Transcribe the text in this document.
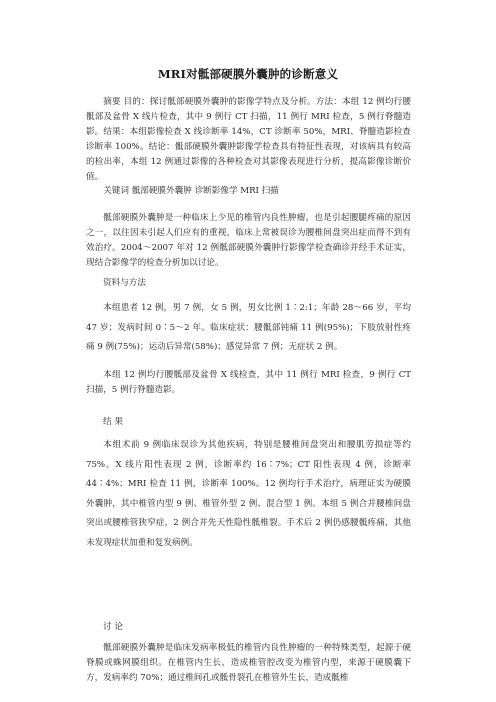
MRI对骶部硬膜外囊肿的诊断意义
摘要 目的：探讨骶部硬膜外囊肿的影像学特点及分析。方法：本组 12 例均行腰骶部及盆骨 X 线片检查，其中 9 例行 CT 扫描，11 例行 MRI 检查，5 例行脊髓造影。结果：本组影像检查 X 线诊断率 14%，CT 诊断率 50%，MRI、脊髓造影检查诊断率 100%。结论：骶部硬膜外囊肿影像学检查具有特征性表现，对该病具有较高的检出率，本组 12 例通过影像的各种检查对其影像表现进行分析，提高影像诊断价值。
关键词 骶部硬膜外囊肿 诊断影像学 MRI 扫描
骶部硬膜外囊肿是一种临床上少见的椎管内良性肿瘤，也是引起腰腿疼痛的原因之一，以往因未引起人们应有的重视，临床上常被误诊为腰椎间盘突出症而得不到有效治疗。2004～2007 年对 12 例骶部硬膜外囊肿行影像学检查确诊并经手术证实，现结合影像学的检查分析加以讨论。
资料与方法
本组患者 12 例，男 7 例，女 5 例，男女比例 1∶2:1；年龄 28～66 岁，平均 47 岁；发病时间 0∶5～2 年。临床症状：腰骶部钝痛 11 例(95%)；下肢放射性疼痛 9 例(75%)；运动后异常(58%)；感觉异常 7 例；无症状 2 例。
本组 12 例均行腰骶部及盆骨 X 线检查，其中 11 例行 MRI 检查，9 例行 CT 扫描，5 例行脊髓造影。
结 果
本组术前 9 例临床误诊为其他疾病，特别是腰椎间盘突出和腰肌劳损症等约 75%。X 线片阳性表现 2 例，诊断率约 16∶7%；CT 阳性表现 4 例，诊断率 44∶4%；MRI 检查 11 例，诊断率 100%。12 例均行手术治疗，病理证实为硬膜外囊肿，其中椎管内型 9 例、椎管外型 2 例、混合型 1 例。本组 5 例合并腰椎间盘突出或腰椎管狭窄症，2 例合并先天性隐性骶椎裂。手术后 2 例仍感腰骶疼痛，其他未发现症状加重和复发病例。
讨 论
骶部硬膜外囊肿是临床发病率极低的椎管内良性肿瘤的一种特殊类型，起源于硬脊膜或蛛网膜组织。在椎管内生长，造成椎管腔改变为椎管内型，来源于硬膜囊下方，发病率约 70%；通过椎间孔或骶骨裂孔在椎管外生长，造成骶椎
